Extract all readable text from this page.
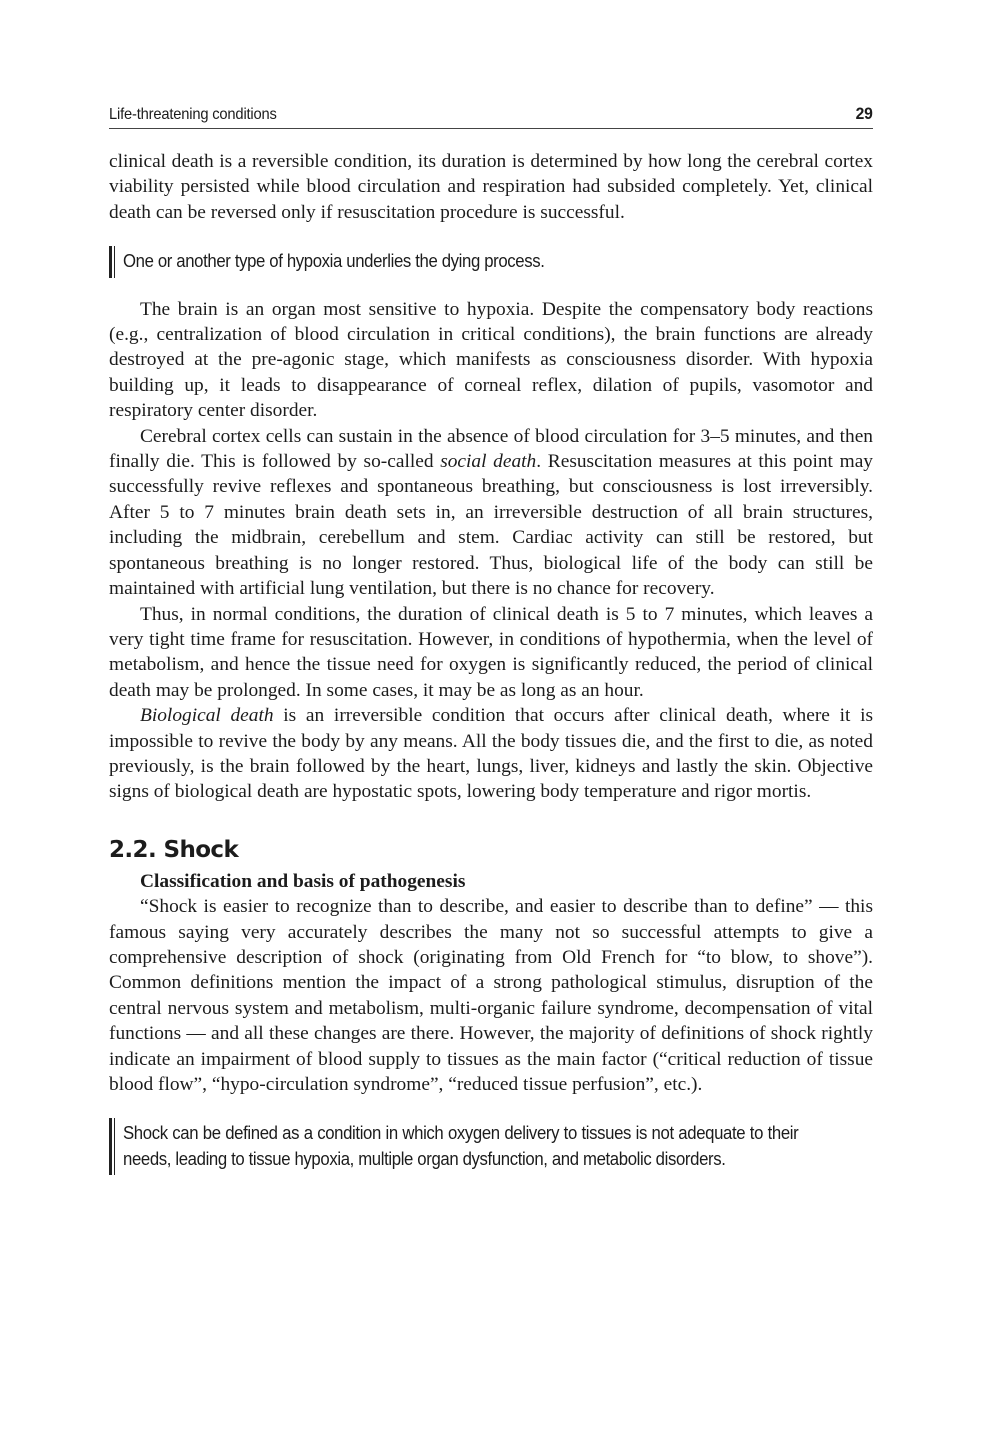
Life-threatening conditions	29

clinical death is a reversible condition, its duration is determined by how long the cerebral cortex viability persisted while blood circulation and respiration had subsided completely. Yet, clinical death can be reversed only if resuscitation procedure is successful.

One or another type of hypoxia underlies the dying process.

The brain is an organ most sensitive to hypoxia. Despite the compensatory body reactions (e.g., centralization of blood circulation in critical conditions), the brain functions are already destroyed at the pre-agonic stage, which manifests as consciousness disorder. With hypoxia building up, it leads to disappearance of corneal reflex, dilation of pupils, vasomotor and respiratory center disorder.

Cerebral cortex cells can sustain in the absence of blood circulation for 3–5 minutes, and then finally die. This is followed by so-called social death. Resuscitation measures at this point may successfully revive reflexes and spontaneous breathing, but consciousness is lost irreversibly. After 5 to 7 minutes brain death sets in, an irreversible destruction of all brain structures, including the midbrain, cerebellum and stem. Cardiac activity can still be restored, but spontaneous breathing is no longer restored. Thus, biological life of the body can still be maintained with artificial lung ventilation, but there is no chance for recovery.

Thus, in normal conditions, the duration of clinical death is 5 to 7 minutes, which leaves a very tight time frame for resuscitation. However, in conditions of hypothermia, when the level of metabolism, and hence the tissue need for oxygen is significantly reduced, the period of clinical death may be prolonged. In some cases, it may be as long as an hour.

Biological death is an irreversible condition that occurs after clinical death, where it is impossible to revive the body by any means. All the body tissues die, and the first to die, as noted previously, is the brain followed by the heart, lungs, liver, kidneys and lastly the skin. Objective signs of biological death are hypostatic spots, lowering body temperature and rigor mortis.

2.2. Shock

Classification and basis of pathogenesis

“Shock is easier to recognize than to describe, and easier to describe than to define” — this famous saying very accurately describes the many not so successful attempts to give a comprehensive description of shock (originating from Old French for “to blow, to shove”). Common definitions mention the impact of a strong pathological stimulus, disruption of the central nervous system and metabolism, multi-organic failure syndrome, decompensation of vital functions — and all these changes are there. However, the majority of definitions of shock rightly indicate an impairment of blood supply to tissues as the main factor (“critical reduction of tissue blood flow”, “hypo-circulation syndrome”, “reduced tissue perfusion”, etc.).

Shock can be defined as a condition in which oxygen delivery to tissues is not adequate to their needs, leading to tissue hypoxia, multiple organ dysfunction, and metabolic disorders.
